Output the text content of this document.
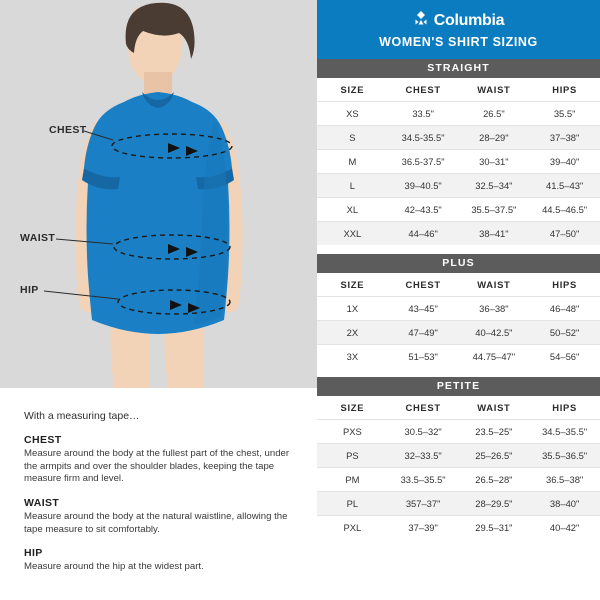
CHEST
WAIST
HIP
With a measuring tape…
CHEST
Measure around the body at the fullest part of the chest, under the armpits and over the shoulder blades, keeping the tape measure firm and level.
WAIST
Measure around the body at the natural waistline, allowing the tape measure to sit comfortably.
HIP
Measure around the hip at the widest part.
Columbia
WOMEN'S SHIRT SIZING
STRAIGHT
SIZE	CHEST	WAIST	HIPS
XS	33.5"	26.5"	35.5"
S	34.5-35.5"	28–29"	37–38"
M	36.5-37.5"	30–31"	39–40"
L	39–40.5"	32.5–34"	41.5–43"
XL	42–43.5"	35.5–37.5"	44.5–46.5"
XXL	44–46"	38–41"	47–50"
PLUS
SIZE	CHEST	WAIST	HIPS
1X	43–45"	36–38"	46–48"
2X	47–49"	40–42.5"	50–52"
3X	51–53"	44.75–47"	54–56"
PETITE
SIZE	CHEST	WAIST	HIPS
PXS	30.5–32"	23.5–25"	34.5–35.5"
PS	32–33.5"	25–26.5"	35.5–36.5"
PM	33.5–35.5"	26.5–28"	36.5–38"
PL	357–37"	28–29.5"	38–40"
PXL	37–39"	29.5–31"	40–42"
